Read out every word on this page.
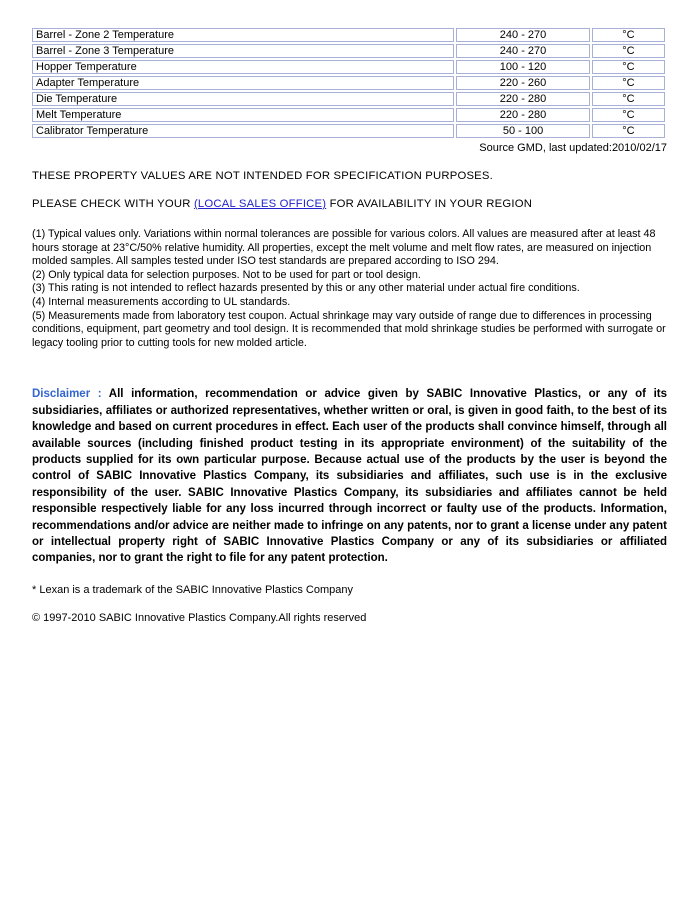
Barrel - Zone 2 Temperature	240 - 270	°C
Barrel - Zone 3 Temperature	240 - 270	°C
Hopper Temperature	100 - 120	°C
Adapter Temperature	220 - 260	°C
Die Temperature	220 - 280	°C
Melt Temperature	220 - 280	°C
Calibrator Temperature	50 - 100	°C
Source GMD, last updated:2010/02/17

THESE PROPERTY VALUES ARE NOT INTENDED FOR SPECIFICATION PURPOSES.

PLEASE CHECK WITH YOUR (LOCAL SALES OFFICE) FOR AVAILABILITY IN YOUR REGION

(1) Typical values only. Variations within normal tolerances are possible for various colors. All values are measured after at least 48 hours storage at 23°C/50% relative humidity. All properties, except the melt volume and melt flow rates, are measured on injection molded samples. All samples tested under ISO test standards are prepared according to ISO 294.
(2) Only typical data for selection purposes. Not to be used for part or tool design.
(3) This rating is not intended to reflect hazards presented by this or any other material under actual fire conditions.
(4) Internal measurements according to UL standards.
(5) Measurements made from laboratory test coupon. Actual shrinkage may vary outside of range due to differences in processing conditions, equipment, part geometry and tool design. It is recommended that mold shrinkage studies be performed with surrogate or legacy tooling prior to cutting tools for new molded article.

Disclaimer : All information, recommendation or advice given by SABIC Innovative Plastics, or any of its subsidiaries, affiliates or authorized representatives, whether written or oral, is given in good faith, to the best of its knowledge and based on current procedures in effect. Each user of the products shall convince himself, through all available sources (including finished product testing in its appropriate environment) of the suitability of the products supplied for its own particular purpose. Because actual use of the products by the user is beyond the control of SABIC Innovative Plastics Company, its subsidiaries and affiliates, such use is in the exclusive responsibility of the user. SABIC Innovative Plastics Company, its subsidiaries and affiliates cannot be held responsible respectively liable for any loss incurred through incorrect or faulty use of the products. Information, recommendations and/or advice are neither made to infringe on any patents, nor to grant a license under any patent or intellectual property right of SABIC Innovative Plastics Company or any of its subsidiaries or affiliated companies, nor to grant the right to file for any patent protection.

* Lexan is a trademark of the SABIC Innovative Plastics Company

© 1997-2010 SABIC Innovative Plastics Company.All rights reserved
